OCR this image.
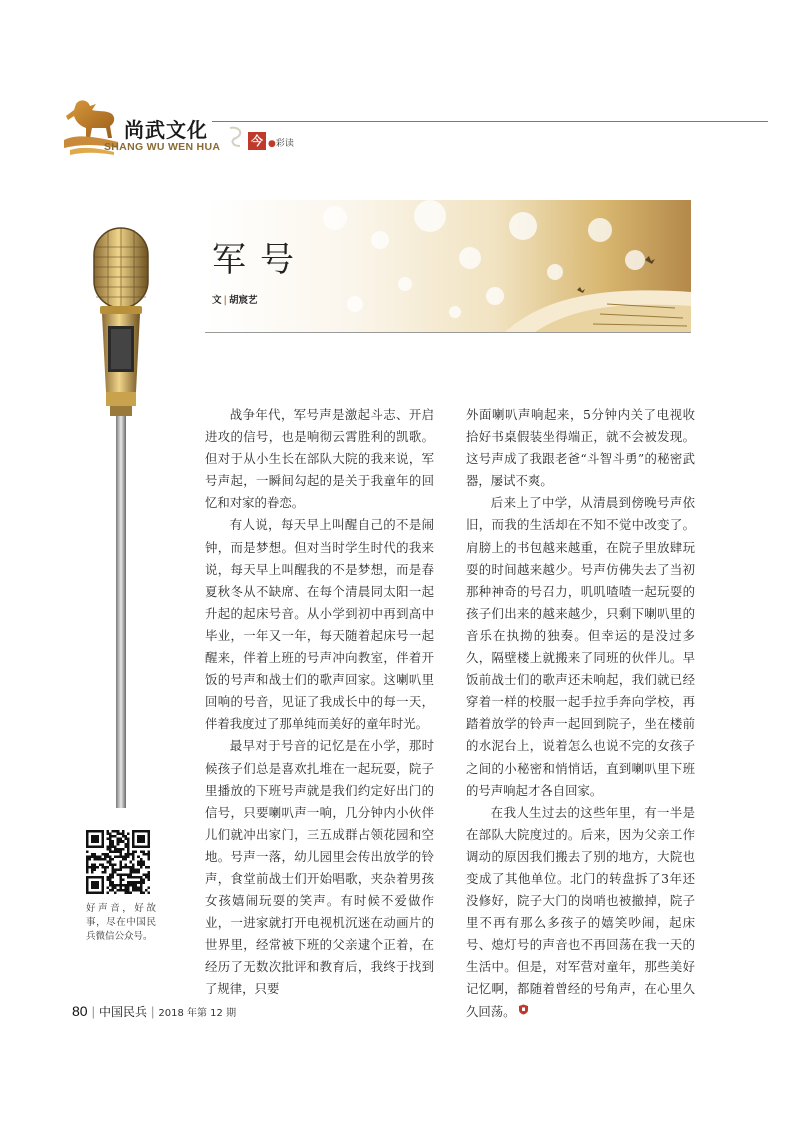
尚武文化
SHANG WU WEN HUA	今 ●彩读
军号
文 | 胡宸艺

战争年代，军号声是激起斗志、开启进攻的信号，也是响彻云霄胜利的凯歌。但对于从小生长在部队大院的我来说，军号声起，一瞬间勾起的是关于我童年的回忆和对家的眷恋。

有人说，每天早上叫醒自己的不是闹钟，而是梦想。但对当时学生时代的我来说，每天早上叫醒我的不是梦想，而是春夏秋冬从不缺席、在每个清晨同太阳一起升起的起床号音。从小学到初中再到高中毕业，一年又一年，每天随着起床号一起醒来，伴着上班的号声冲向教室，伴着开饭的号声和战士们的歌声回家。这喇叭里回响的号音，见证了我成长中的每一天，伴着我度过了那单纯而美好的童年时光。

最早对于号音的记忆是在小学，那时候孩子们总是喜欢扎堆在一起玩耍，院子里播放的下班号声就是我们约定好出门的信号，只要喇叭声一响，几分钟内小伙伴儿们就冲出家门，三五成群占领花园和空地。号声一落，幼儿园里会传出放学的铃声，食堂前战士们开始唱歌，夹杂着男孩女孩嬉闹玩耍的笑声。有时候不爱做作业，一进家就打开电视机沉迷在动画片的世界里，经常被下班的父亲逮个正着，在经历了无数次批评和教育后，我终于找到了规律，只要

外面喇叭声响起来，5分钟内关了电视收拾好书桌假装坐得端正，就不会被发现。这号声成了我跟老爸“斗智斗勇”的秘密武器，屡试不爽。

后来上了中学，从清晨到傍晚号声依旧，而我的生活却在不知不觉中改变了。肩膀上的书包越来越重，在院子里放肆玩耍的时间越来越少。号声仿佛失去了当初那种神奇的号召力，叽叽喳喳一起玩耍的孩子们出来的越来越少，只剩下喇叭里的音乐在执拗的独奏。但幸运的是没过多久，隔壁楼上就搬来了同班的伙伴儿。早饭前战士们的歌声还未响起，我们就已经穿着一样的校服一起手拉手奔向学校，再踏着放学的铃声一起回到院子，坐在楼前的水泥台上，说着怎么也说不完的女孩子之间的小秘密和悄悄话，直到喇叭里下班的号声响起才各自回家。

在我人生过去的这些年里，有一半是在部队大院度过的。后来，因为父亲工作调动的原因我们搬去了别的地方，大院也变成了其他单位。北门的转盘拆了3年还没修好，院子大门的岗哨也被撤掉，院子里不再有那么多孩子的嬉笑吵闹，起床号、熄灯号的声音也不再回荡在我一天的生活中。但是，对军营对童年，那些美好记忆啊，都随着曾经的号角声，在心里久久回荡。

好声音，好故事，尽在中国民兵微信公众号。
80 | 中国民兵 | 2018 年第 12 期
